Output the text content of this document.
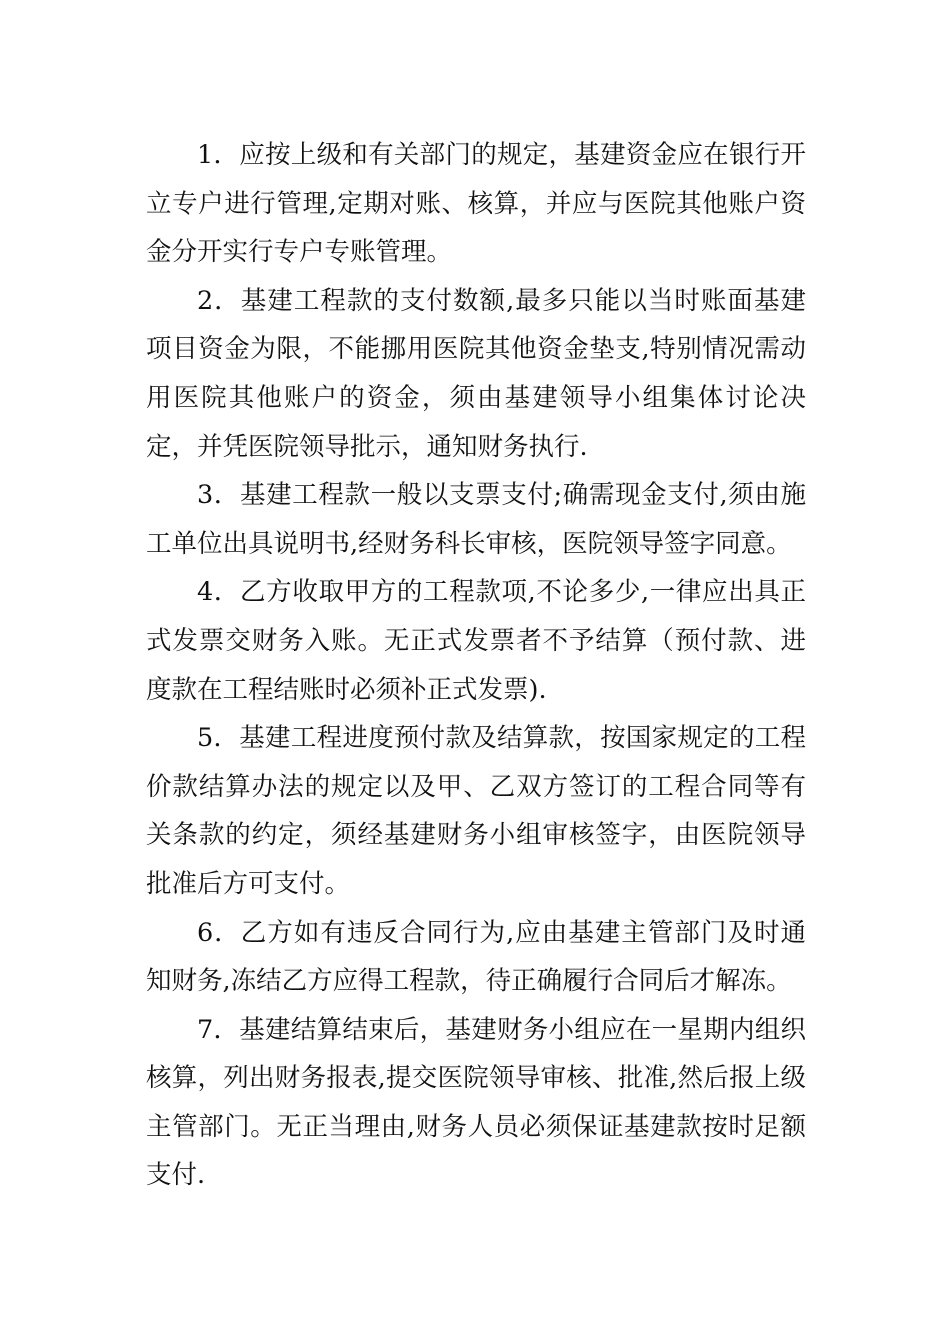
1．应按上级和有关部门的规定，基建资金应在银行开立专户进行管理,定期对账、核算，并应与医院其他账户资金分开实行专户专账管理。

2．基建工程款的支付数额,最多只能以当时账面基建项目资金为限，不能挪用医院其他资金垫支,特别情况需动用医院其他账户的资金，须由基建领导小组集体讨论决定，并凭医院领导批示，通知财务执行.

3．基建工程款一般以支票支付;确需现金支付,须由施工单位出具说明书,经财务科长审核，医院领导签字同意。

4．乙方收取甲方的工程款项,不论多少,一律应出具正式发票交财务入账。无正式发票者不予结算（预付款、进度款在工程结账时必须补正式发票).

5．基建工程进度预付款及结算款，按国家规定的工程价款结算办法的规定以及甲、乙双方签订的工程合同等有关条款的约定，须经基建财务小组审核签字，由医院领导批准后方可支付。

6．乙方如有违反合同行为,应由基建主管部门及时通知财务,冻结乙方应得工程款，待正确履行合同后才解冻。

7．基建结算结束后，基建财务小组应在一星期内组织核算，列出财务报表,提交医院领导审核、批准,然后报上级主管部门。无正当理由,财务人员必须保证基建款按时足额支付.
